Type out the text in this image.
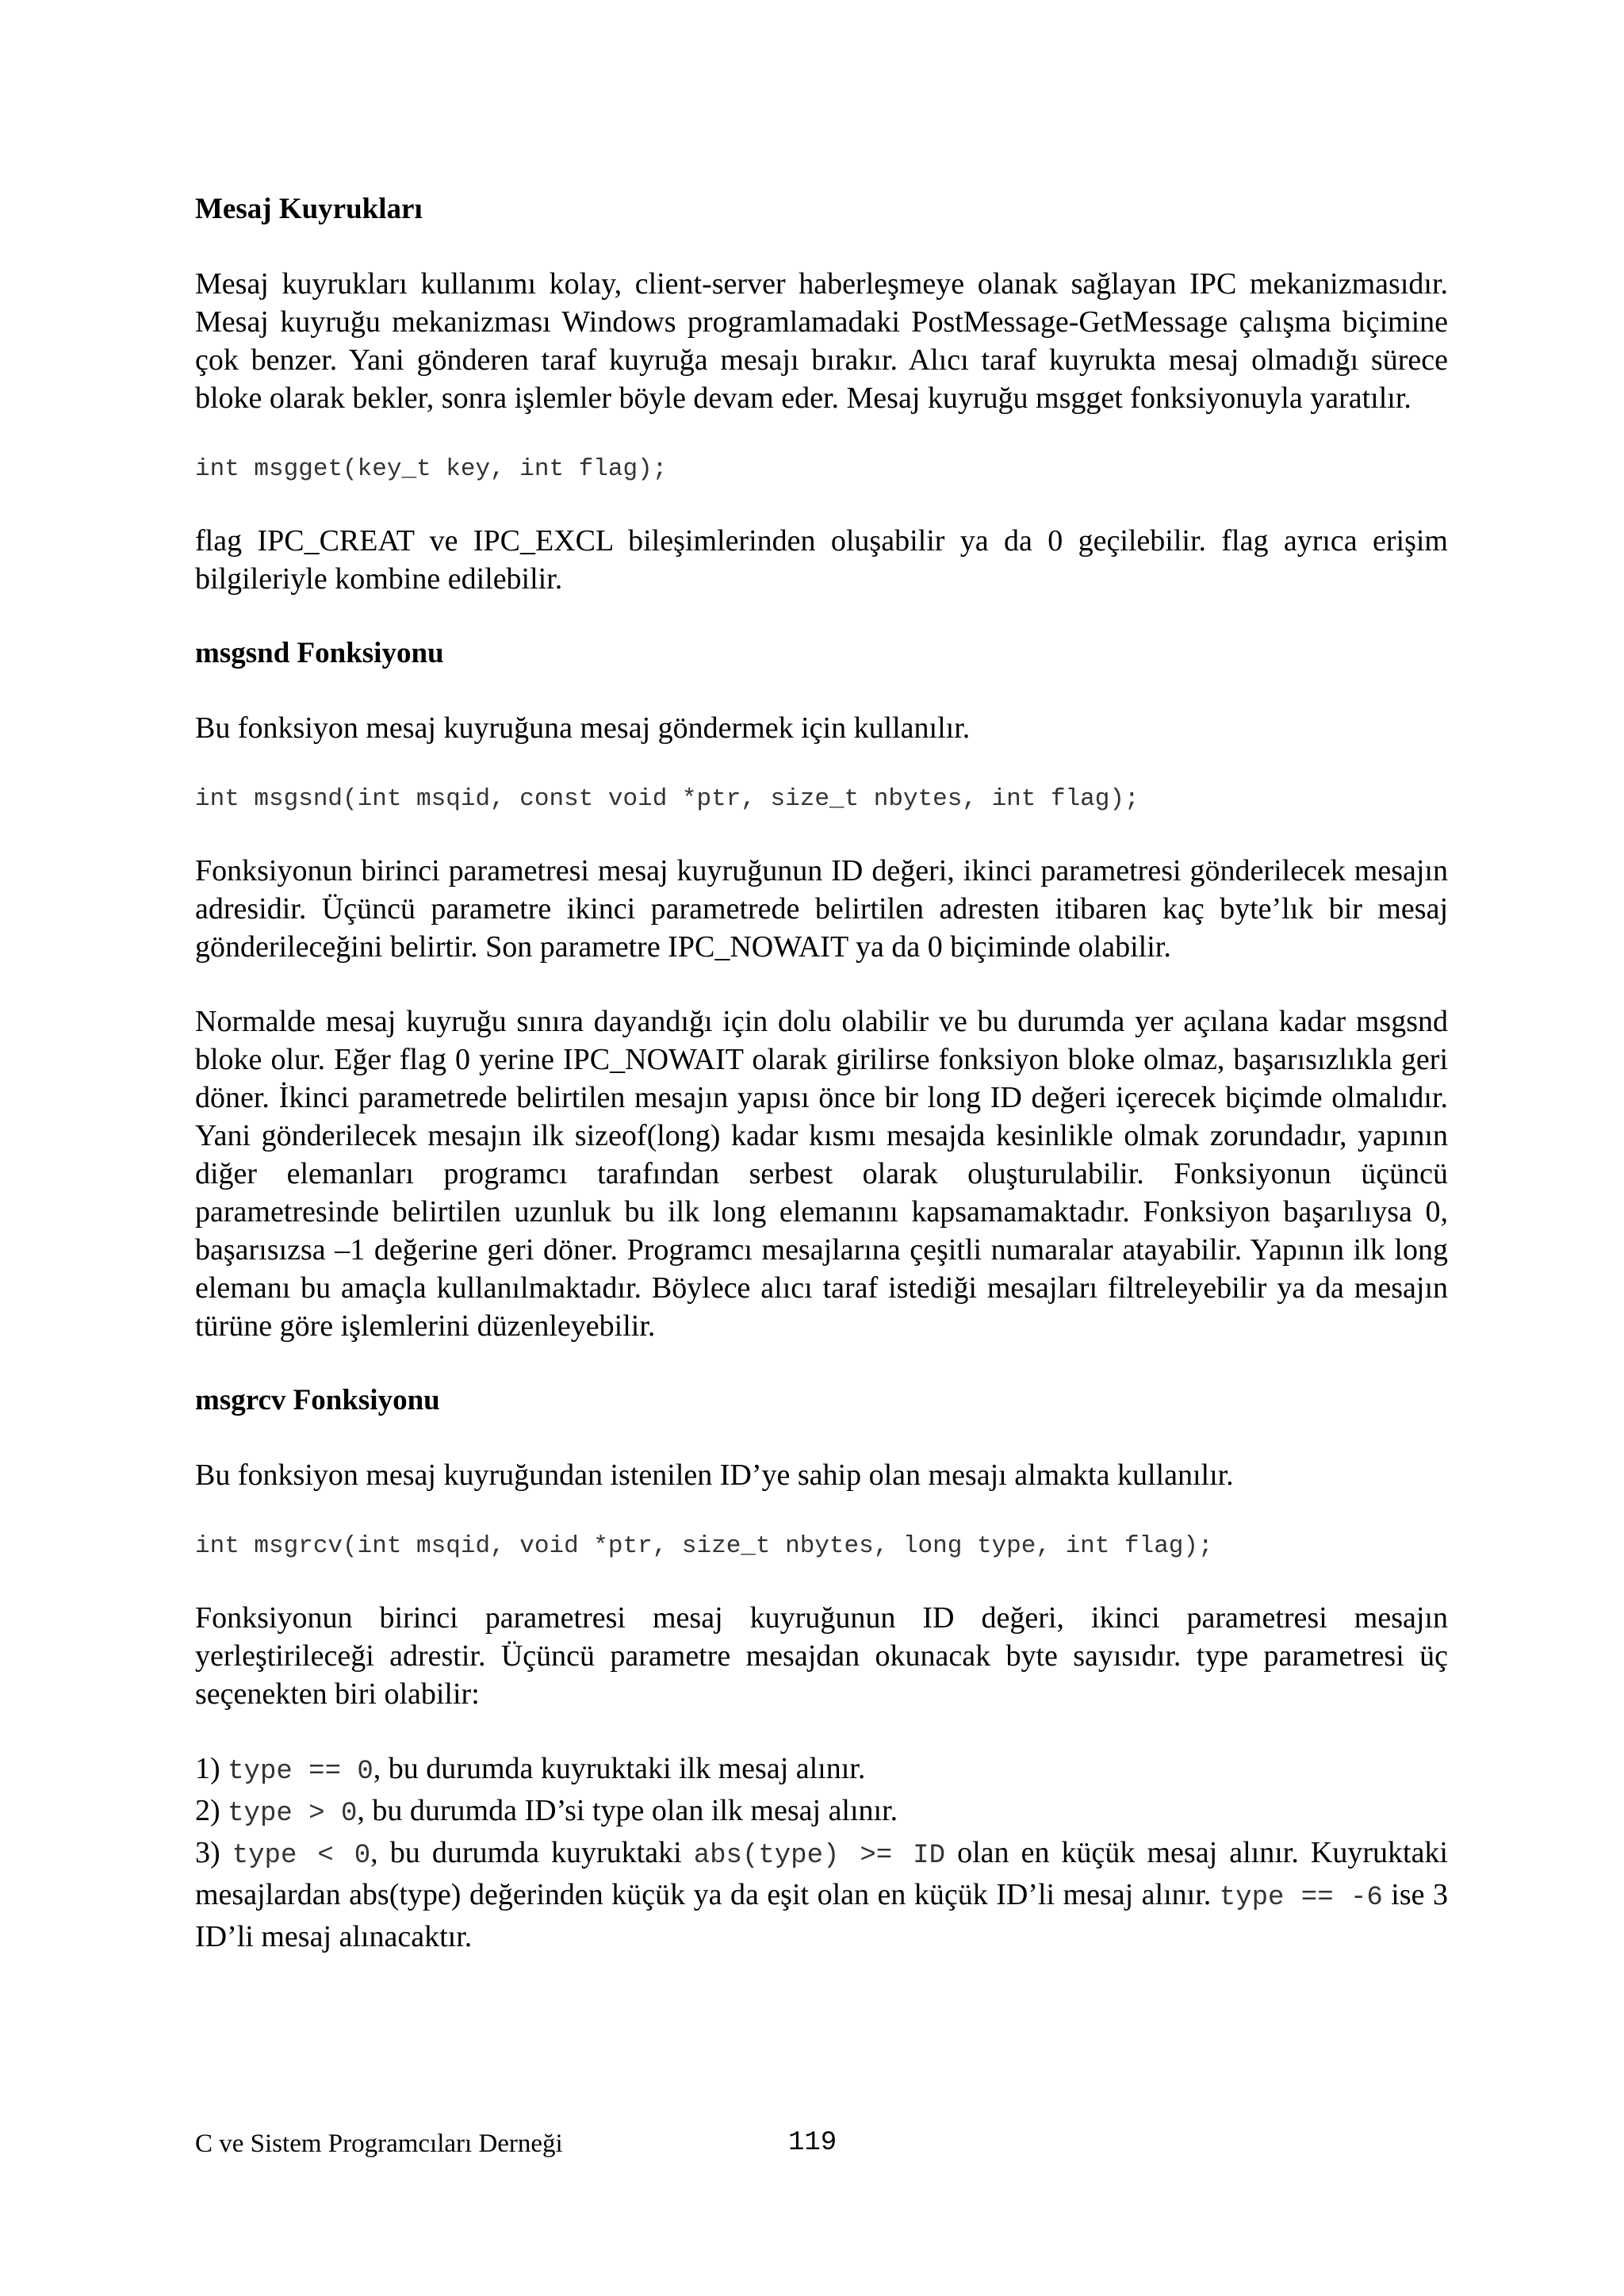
Mesaj Kuyrukları

Mesaj kuyrukları kullanımı kolay, client-server haberleşmeye olanak sağlayan IPC mekanizmasıdır. Mesaj kuyruğu mekanizması Windows programlamadaki PostMessage-GetMessage çalışma biçimine çok benzer. Yani gönderen taraf kuyruğa mesajı bırakır. Alıcı taraf kuyrukta mesaj olmadığı sürece bloke olarak bekler, sonra işlemler böyle devam eder. Mesaj kuyruğu msgget fonksiyonuyla yaratılır.

int msgget(key_t key, int flag);

flag IPC_CREAT ve IPC_EXCL bileşimlerinden oluşabilir ya da 0 geçilebilir. flag ayrıca erişim bilgileriyle kombine edilebilir.

msgsnd Fonksiyonu

Bu fonksiyon mesaj kuyruğuna mesaj göndermek için kullanılır.

int msgsnd(int msqid, const void *ptr, size_t nbytes, int flag);

Fonksiyonun birinci parametresi mesaj kuyruğunun ID değeri, ikinci parametresi gönderilecek mesajın adresidir. Üçüncü parametre ikinci parametrede belirtilen adresten itibaren kaç byte’lık bir mesaj gönderileceğini belirtir. Son parametre IPC_NOWAIT ya da 0 biçiminde olabilir.

Normalde mesaj kuyruğu sınıra dayandığı için dolu olabilir ve bu durumda yer açılana kadar msgsnd bloke olur. Eğer flag 0 yerine IPC_NOWAIT olarak girilirse fonksiyon bloke olmaz, başarısızlıkla geri döner. İkinci parametrede belirtilen mesajın yapısı önce bir long ID değeri içerecek biçimde olmalıdır. Yani gönderilecek mesajın ilk sizeof(long) kadar kısmı mesajda kesinlikle olmak zorundadır, yapının diğer elemanları programcı tarafından serbest olarak oluşturulabilir. Fonksiyonun üçüncü parametresinde belirtilen uzunluk bu ilk long elemanını kapsamamaktadır. Fonksiyon başarılıysa 0, başarısızsa –1 değerine geri döner. Programcı mesajlarına çeşitli numaralar atayabilir. Yapının ilk long elemanı bu amaçla kullanılmaktadır. Böylece alıcı taraf istediği mesajları filtreleyebilir ya da mesajın türüne göre işlemlerini düzenleyebilir.

msgrcv Fonksiyonu

Bu fonksiyon mesaj kuyruğundan istenilen ID’ye sahip olan mesajı almakta kullanılır.

int msgrcv(int msqid, void *ptr, size_t nbytes, long type, int flag);

Fonksiyonun birinci parametresi mesaj kuyruğunun ID değeri, ikinci parametresi mesajın yerleştirileceği adrestir. Üçüncü parametre mesajdan okunacak byte sayısıdır. type parametresi üç seçenekten biri olabilir:

1) type == 0, bu durumda kuyruktaki ilk mesaj alınır.

2) type > 0, bu durumda ID’si type olan ilk mesaj alınır.

3) type < 0, bu durumda kuyruktaki abs(type) >= ID olan en küçük mesaj alınır. Kuyruktaki mesajlardan abs(type) değerinden küçük ya da eşit olan en küçük ID’li mesaj alınır. type == -6 ise 3 ID’li mesaj alınacaktır.

C ve Sistem Programcıları Derneği	119
